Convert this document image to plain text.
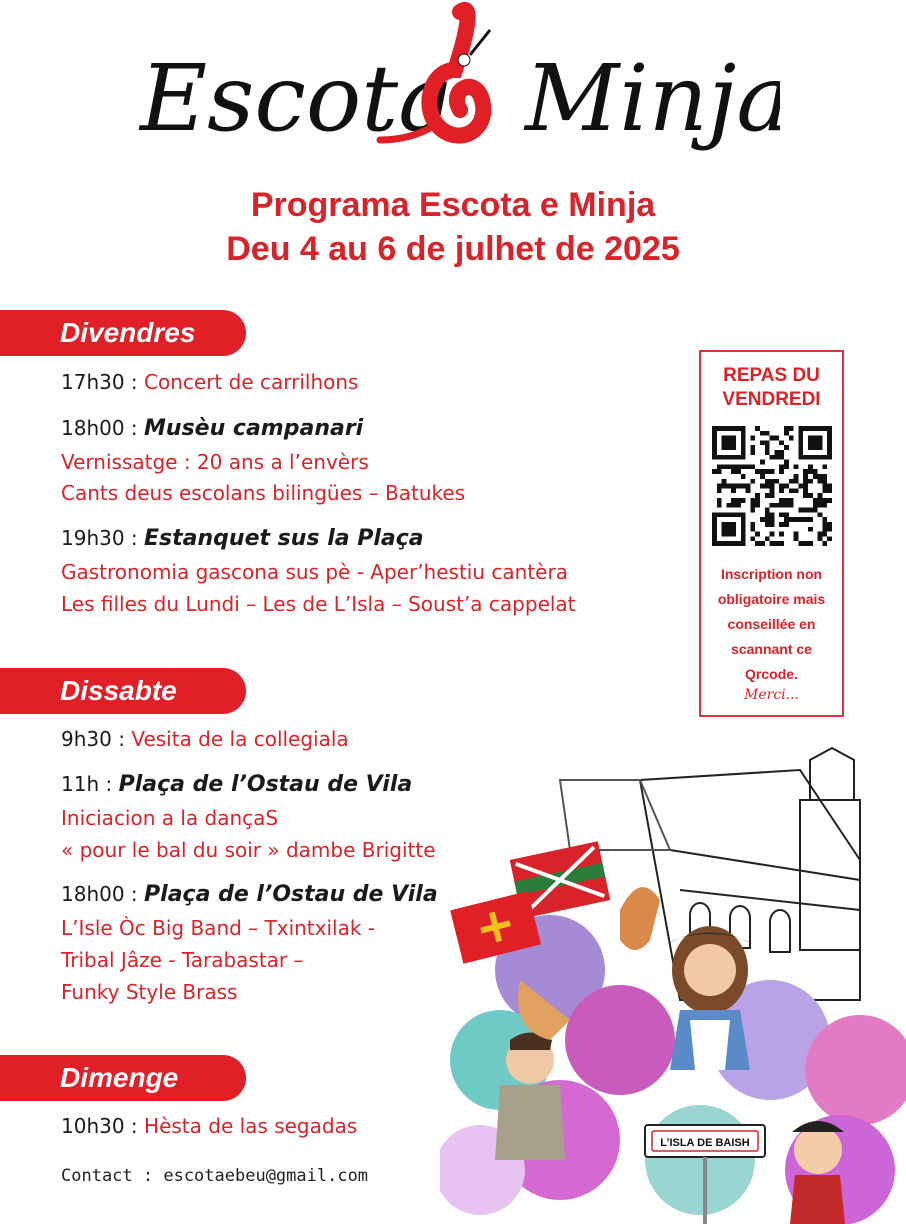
Escota Minja
Programa Escota e Minja
Deu 4 au 6 de julhet de 2025
Divendres
17h30 : Concert de carrilhons
18h00 : Musèu campanari
Vernissatge : 20 ans a l’envèrs
Cants deus escolans bilingües – Batukes
19h30 : Estanquet sus la Plaça
Gastronomia gascona sus pè - Aper’hestiu cantèra
Les filles du Lundi – Les de L’Isla – Soust’a cappelat
Dissabte
9h30 : Vesita de la collegiala
11h : Plaça de l’Ostau de Vila
Iniciacion a la dançaS
« pour le bal du soir » dambe Brigitte
18h00 : Plaça de l’Ostau de Vila
L’Isle Òc Big Band – Txintxilak -
Tribal Jâze - Tarabastar –
Funky Style Brass
Dimenge
10h30 : Hèsta de las segadas
Contact : escotaebeu@gmail.com
REPAS DU
VENDREDI
Inscription non
obligatoire mais
conseillée en
scannant ce
Qrcode.
Merci...
L’ISLA DE BAISH
